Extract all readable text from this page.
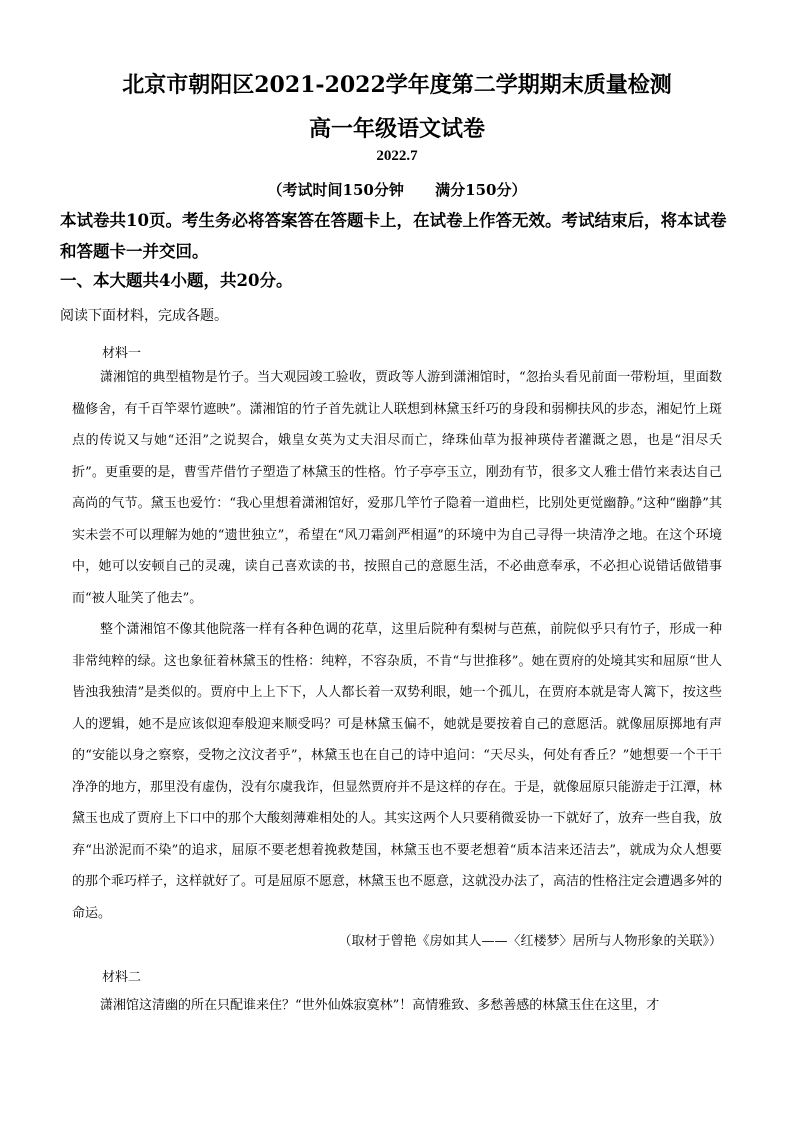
北京市朝阳区2021-2022学年度第二学期期末质量检测
高一年级语文试卷
2022.7
（考试时间150分钟      满分150分）
本试卷共10页。考生务必将答案答在答题卡上，在试卷上作答无效。考试结束后，将本试卷和答题卡一并交回。
一、本大题共4小题，共20分。
阅读下面材料，完成各题。
材料一

潇湘馆的典型植物是竹子。当大观园竣工验收，贾政等人游到潇湘馆时，“忽抬头看见前面一带粉垣，里面数楹修舍，有千百竿翠竹遮映”。潇湘馆的竹子首先就让人联想到林黛玉纤巧的身段和弱柳扶风的步态，湘妃竹上斑点的传说又与她“还泪”之说契合，娥皇女英为丈夫泪尽而亡，绛珠仙草为报神瑛侍者灌溉之恩，也是“泪尽夭折”。更重要的是，曹雪芹借竹子塑造了林黛玉的性格。竹子亭亭玉立，刚劲有节，很多文人雅士借竹来表达自己高尚的气节。黛玉也爱竹：“我心里想着潇湘馆好，爱那几竿竹子隐着一道曲栏，比别处更觉幽静。”这种“幽静”其实未尝不可以理解为她的“遗世独立”，希望在“风刀霜剑严相逼”的环境中为自己寻得一块清净之地。在这个环境中，她可以安顿自己的灵魂，读自己喜欢读的书，按照自己的意愿生活，不必曲意奉承，不必担心说错话做错事而“被人耻笑了他去”。

整个潇湘馆不像其他院落一样有各种色调的花草，这里后院种有梨树与芭蕉，前院似乎只有竹子，形成一种非常纯粹的绿。这也象征着林黛玉的性格：纯粹，不容杂质，不肯“与世推移”。她在贾府的处境其实和屈原“世人皆浊我独清”是类似的。贾府中上上下下，人人都长着一双势利眼，她一个孤儿，在贾府本就是寄人篱下，按这些人的逻辑，她不是应该似迎奉般迎来顺受吗？可是林黛玉偏不，她就是要按着自己的意愿活。就像屈原掷地有声的“安能以身之察察，受物之汶汶者乎”，林黛玉也在自己的诗中追问：“天尽头，何处有香丘？”她想要一个干干净净的地方，那里没有虚伪，没有尔虞我诈，但显然贾府并不是这样的存在。于是，就像屈原只能游走于江潭，林黛玉也成了贾府上下口中的那个大酸刻薄难相处的人。其实这两个人只要稍微妥协一下就好了，放弃一些自我，放弃“出淤泥而不染”的追求，屈原不要老想着挽救楚国，林黛玉也不要老想着“质本洁来还洁去”，就成为众人想要的那个乖巧样子，这样就好了。可是屈原不愿意，林黛玉也不愿意，这就没办法了，高洁的性格注定会遭遇多舛的命运。

（取材于曾艳《房如其人——〈红楼梦〉居所与人物形象的关联》）
材料二

潇湘馆这清幽的所在只配谁来住？“世外仙姝寂寞林”！高情雅致、多愁善感的林黛玉住在这里，才
